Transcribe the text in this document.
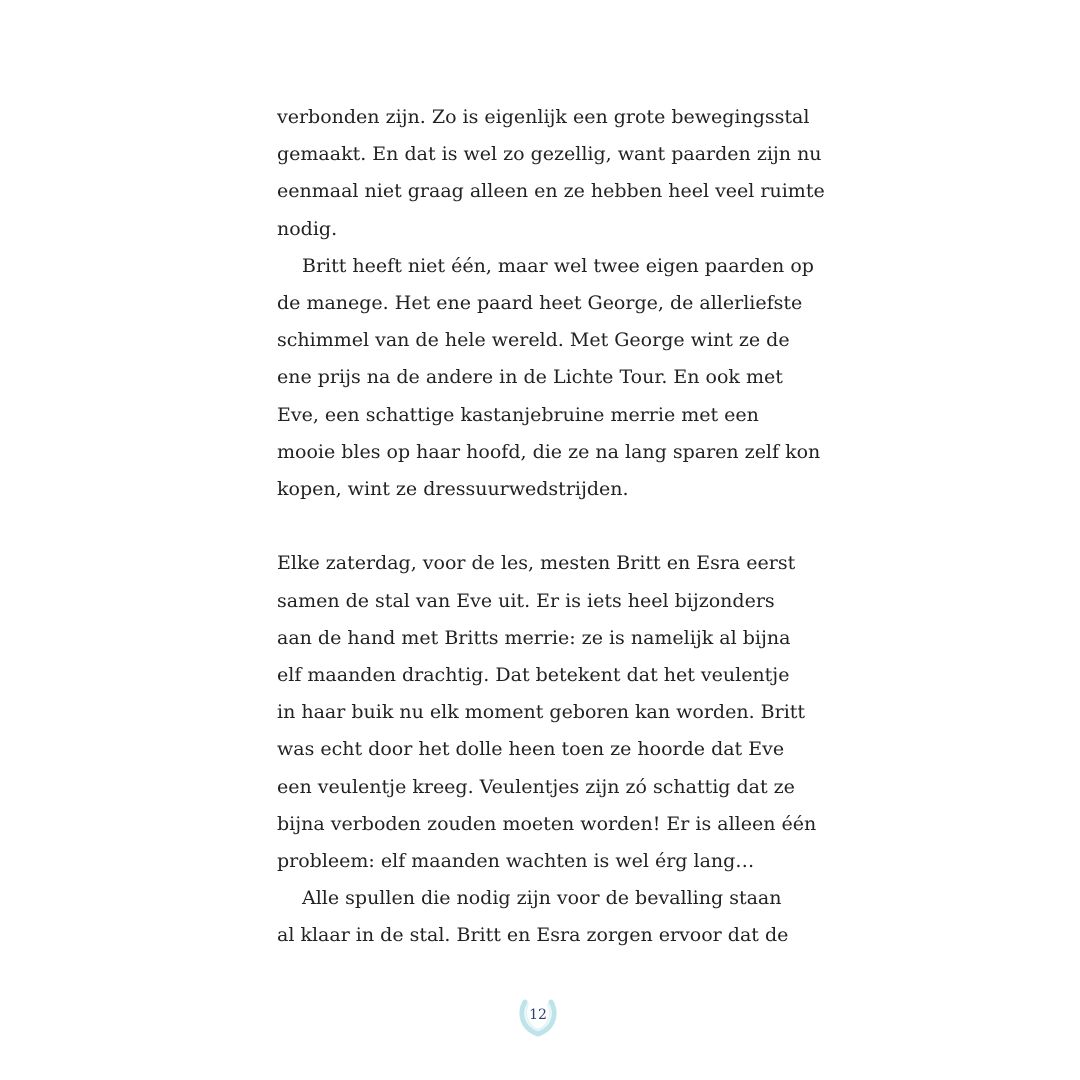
verbonden zijn. Zo is eigenlijk een grote bewegingsstal
gemaakt. En dat is wel zo gezellig, want paarden zijn nu
eenmaal niet graag alleen en ze hebben heel veel ruimte
nodig.
Britt heeft niet één, maar wel twee eigen paarden op
de manege. Het ene paard heet George, de allerliefste
schimmel van de hele wereld. Met George wint ze de
ene prijs na de andere in de Lichte Tour. En ook met
Eve, een schattige kastanjebruine merrie met een
mooie bles op haar hoofd, die ze na lang sparen zelf kon
kopen, wint ze dressuurwedstrijden.
Elke zaterdag, voor de les, mesten Britt en Esra eerst
samen de stal van Eve uit. Er is iets heel bijzonders
aan de hand met Britts merrie: ze is namelijk al bijna
elf maanden drachtig. Dat betekent dat het veulentje
in haar buik nu elk moment geboren kan worden. Britt
was echt door het dolle heen toen ze hoorde dat Eve
een veulentje kreeg. Veulentjes zijn zó schattig dat ze
bijna verboden zouden moeten worden! Er is alleen één
probleem: elf maanden wachten is wel érg lang…
Alle spullen die nodig zijn voor de bevalling staan
al klaar in de stal. Britt en Esra zorgen ervoor dat de
12
